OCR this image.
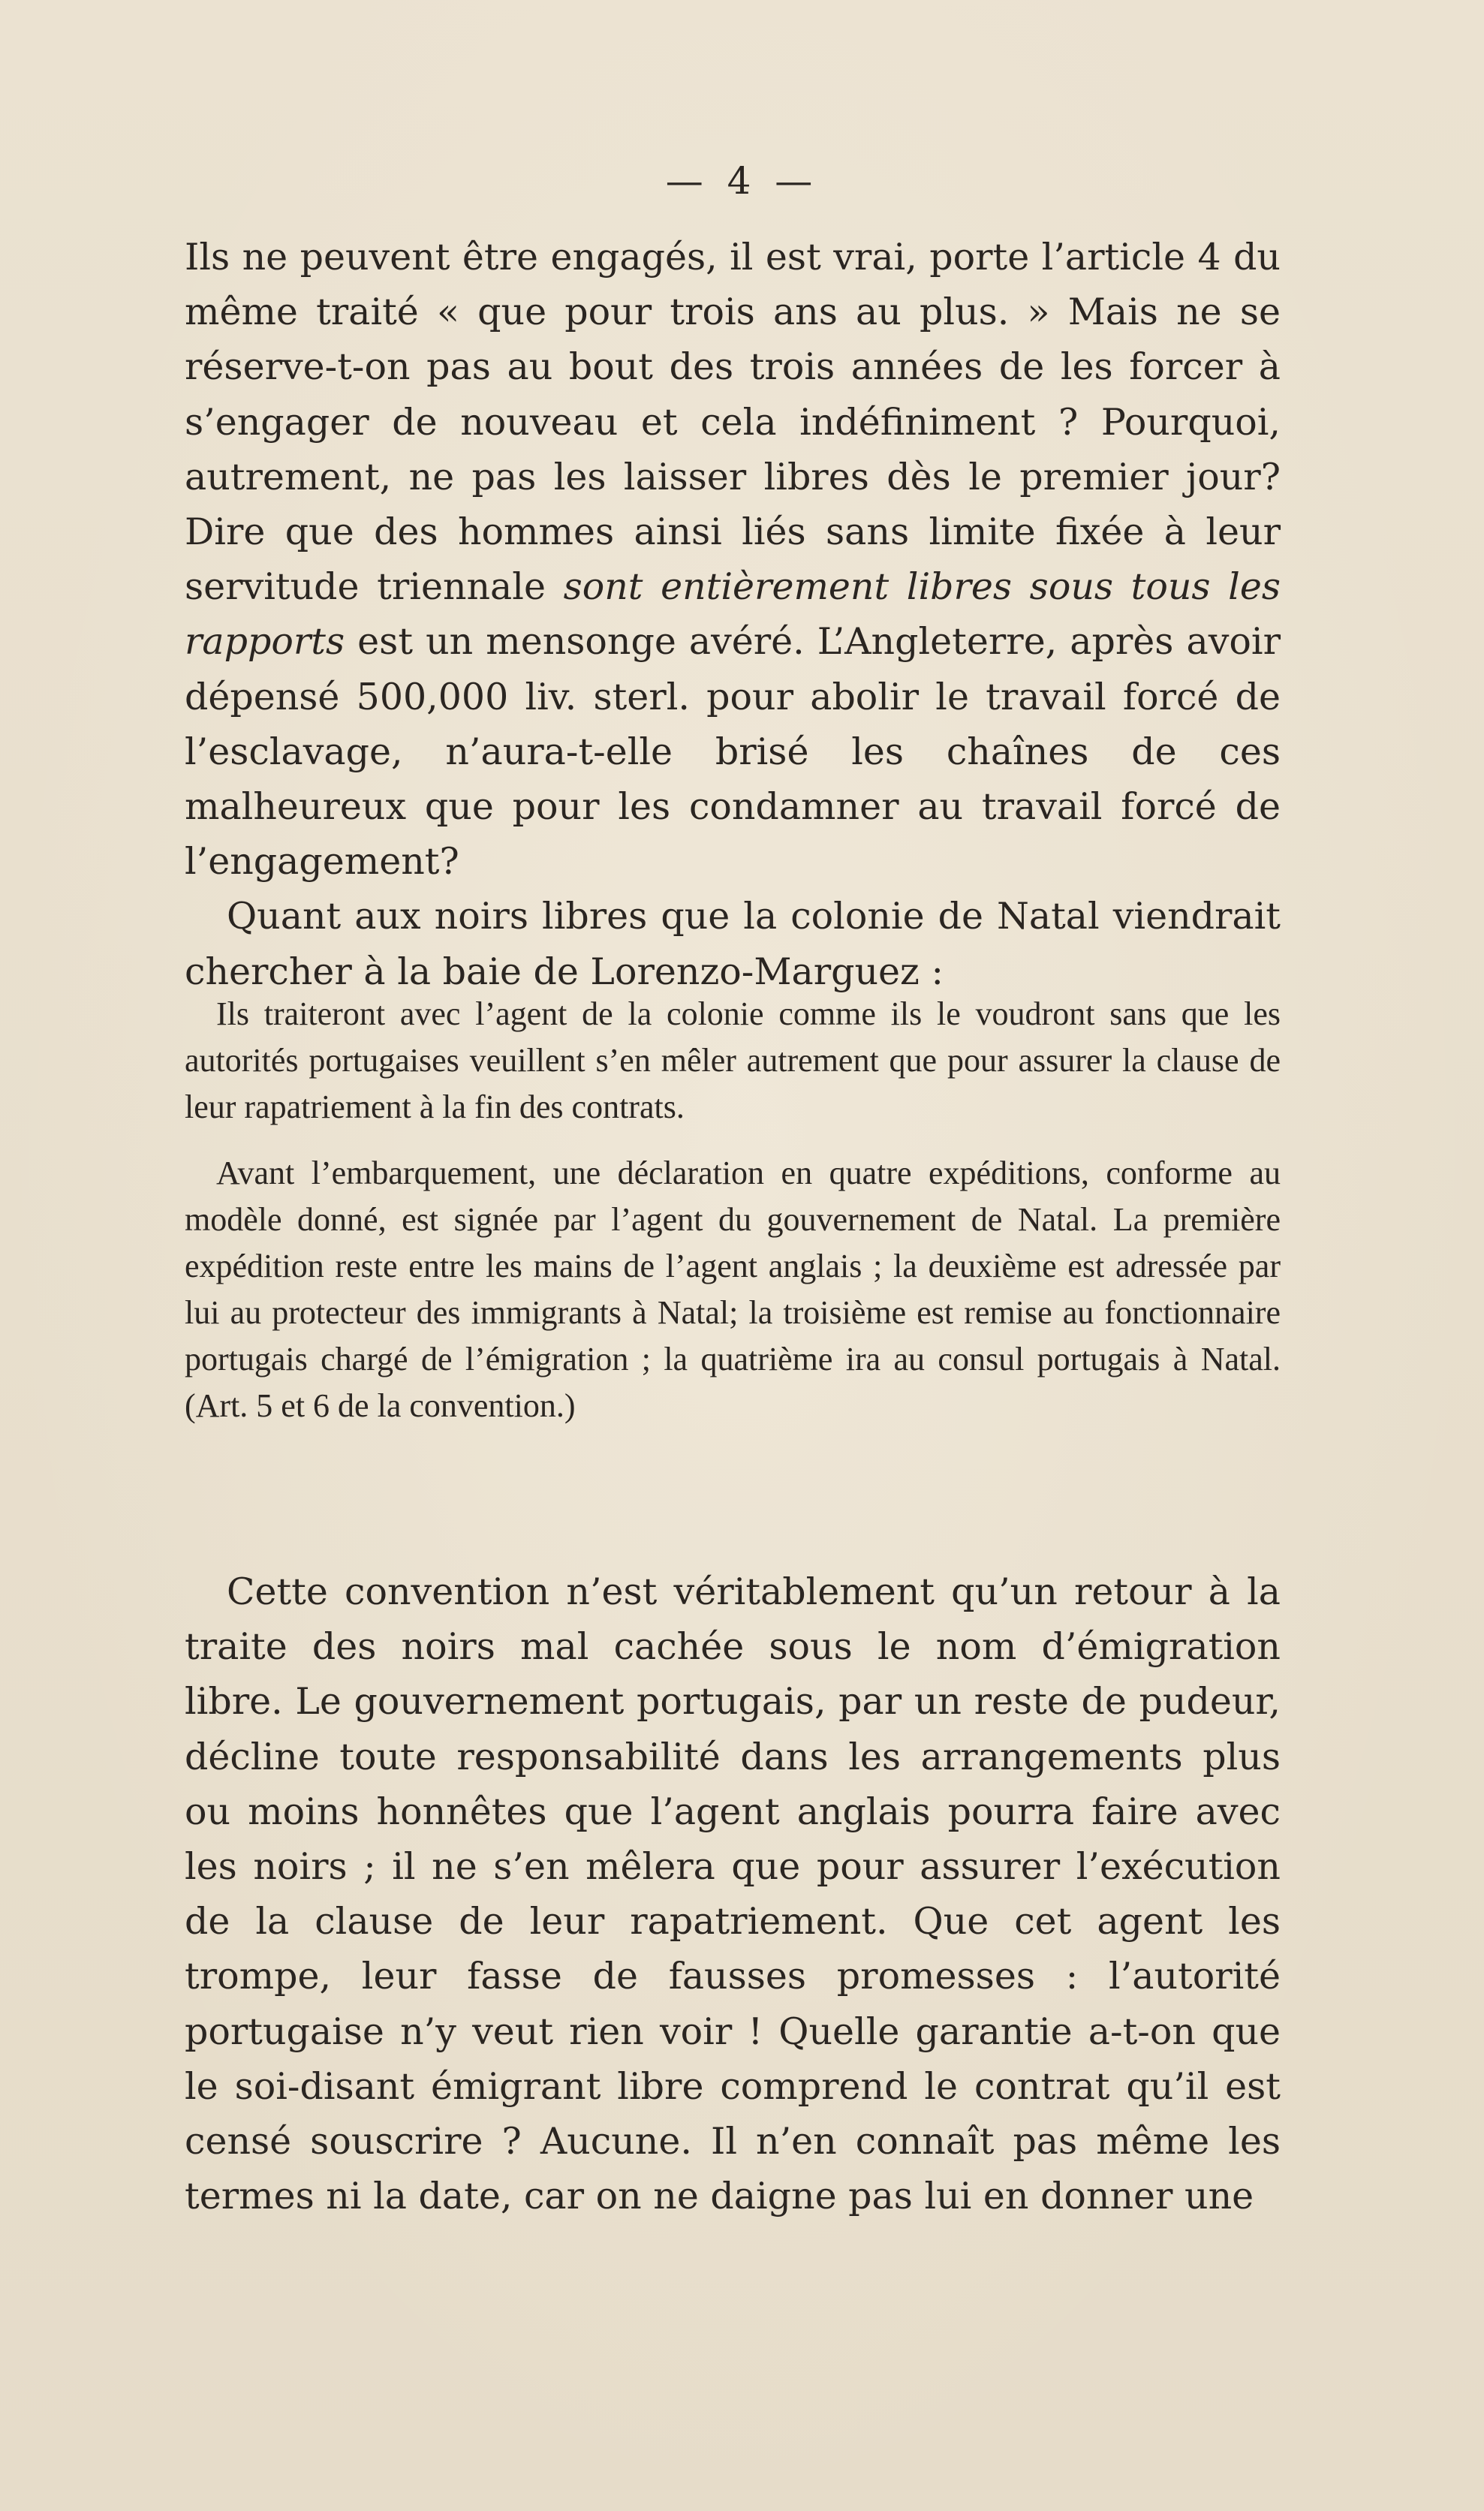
— 4 —

Ils ne peuvent être engagés, il est vrai, porte l’article 4 du même traité « que pour trois ans au plus. » Mais ne se réserve-t-on pas au bout des trois années de les forcer à s’engager de nouveau et cela indéfiniment ? Pourquoi, autrement, ne pas les laisser libres dès le premier jour? Dire que des hommes ainsi liés sans limite fixée à leur servitude triennale sont entièrement libres sous tous les rapports est un mensonge avéré. L’Angleterre, après avoir dépensé 500,000 liv. sterl. pour abolir le travail forcé de l’esclavage, n’aura-t-elle brisé les chaînes de ces malheureux que pour les condamner au travail forcé de l’engagement?

Quant aux noirs libres que la colonie de Natal viendrait chercher à la baie de Lorenzo-Marguez :

Ils traiteront avec l’agent de la colonie comme ils le voudront sans que les autorités portugaises veuillent s’en mêler autrement que pour assurer la clause de leur rapatriement à la fin des contrats.

Avant l’embarquement, une déclaration en quatre expéditions, conforme au modèle donné, est signée par l’agent du gouvernement de Natal. La première expédition reste entre les mains de l’agent anglais ; la deuxième est adressée par lui au protecteur des immigrants à Natal; la troisième est remise au fonctionnaire portugais chargé de l’émigration ; la quatrième ira au consul portugais à Natal. (Art. 5 et 6 de la convention.)

Cette convention n’est véritablement qu’un retour à la traite des noirs mal cachée sous le nom d’émigration libre. Le gouvernement portugais, par un reste de pudeur, décline toute responsabilité dans les arrangements plus ou moins honnêtes que l’agent anglais pourra faire avec les noirs ; il ne s’en mêlera que pour assurer l’exécution de la clause de leur rapatriement. Que cet agent les trompe, leur fasse de fausses promesses : l’autorité portugaise n’y veut rien voir ! Quelle garantie a-t-on que le soi-disant émigrant libre comprend le contrat qu’il est censé souscrire ? Aucune. Il n’en connaît pas même les termes ni la date, car on ne daigne pas lui en donner une
